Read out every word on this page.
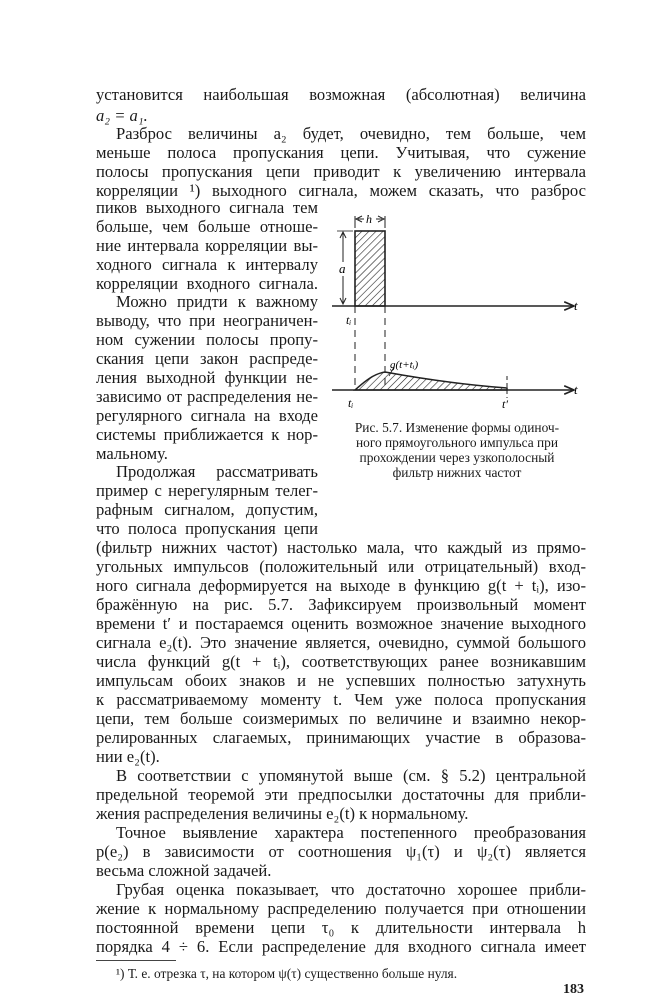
установится наибольшая возможная (абсолютная) величина
a₂ = a₁.
Разброс величины a₂ будет, очевидно, тем больше, чем
меньше полоса пропускания цепи. Учитывая, что сужение
полосы пропускания цепи приводит к увеличению интервала
корреляции ¹) выходного сигнала, можем сказать, что разброс
пиков выходного сигнала тем
больше, чем больше отноше-
ние интервала корреляции вы-
ходного сигнала к интервалу
корреляции входного сигнала.
Можно придти к важному
выводу, что при неограничен-
ном сужении полосы пропу-
скания цепи закон распреде-
ления выходной функции не-
зависимо от распределения не-
регулярного сигнала на входе
системы приближается к нор-
мальному.
Продолжая рассматривать
пример с нерегулярным телег-
рафным сигналом, допустим,
что полоса пропускания цепи
(фильтр нижних частот) настолько мала, что каждый из прямо-
угольных импульсов (положительный или отрицательный) вход-
ного сигнала деформируется на выходе в функцию g(t + tᵢ), изо-
бражённую на рис. 5.7. Зафиксируем произвольный момент
времени t′ и постараемся оценить возможное значение выходного
сигнала e₂(t). Это значение является, очевидно, суммой большого
числа функций g(t + tᵢ), соответствующих ранее возникавшим
импульсам обоих знаков и не успевших полностью затухнуть
к рассматриваемому моменту t. Чем уже полоса пропускания
цепи, тем больше соизмеримых по величине и взаимно некор-
релированных слагаемых, принимающих участие в образова-
нии e₂(t).
В соответствии с упомянутой выше (см. § 5.2) центральной
предельной теоремой эти предпосылки достаточны для прибли-
жения распределения величины e₂(t) к нормальному.
Точное выявление характера постепенного преобразования
p(e₂) в зависимости от соотношения ψ₁(τ) и ψ₂(τ) является
весьма сложной задачей.
Грубая оценка показывает, что достаточно хорошее прибли-
жение к нормальному распределению получается при отношении
постоянной времени цепи τ₀ к длительности интервала h
порядка 4 ÷ 6. Если распределение для входного сигнала имеет
h
a
t
tᵢ
g(t+tᵢ)
t
tᵢ	t′
Рис. 5.7. Изменение формы одиноч-
ного прямоугольного импульса при
прохождении через узкополосный
фильтр нижних частот
¹) Т. е. отрезка τ, на котором ψ(τ) существенно больше нуля.
183
